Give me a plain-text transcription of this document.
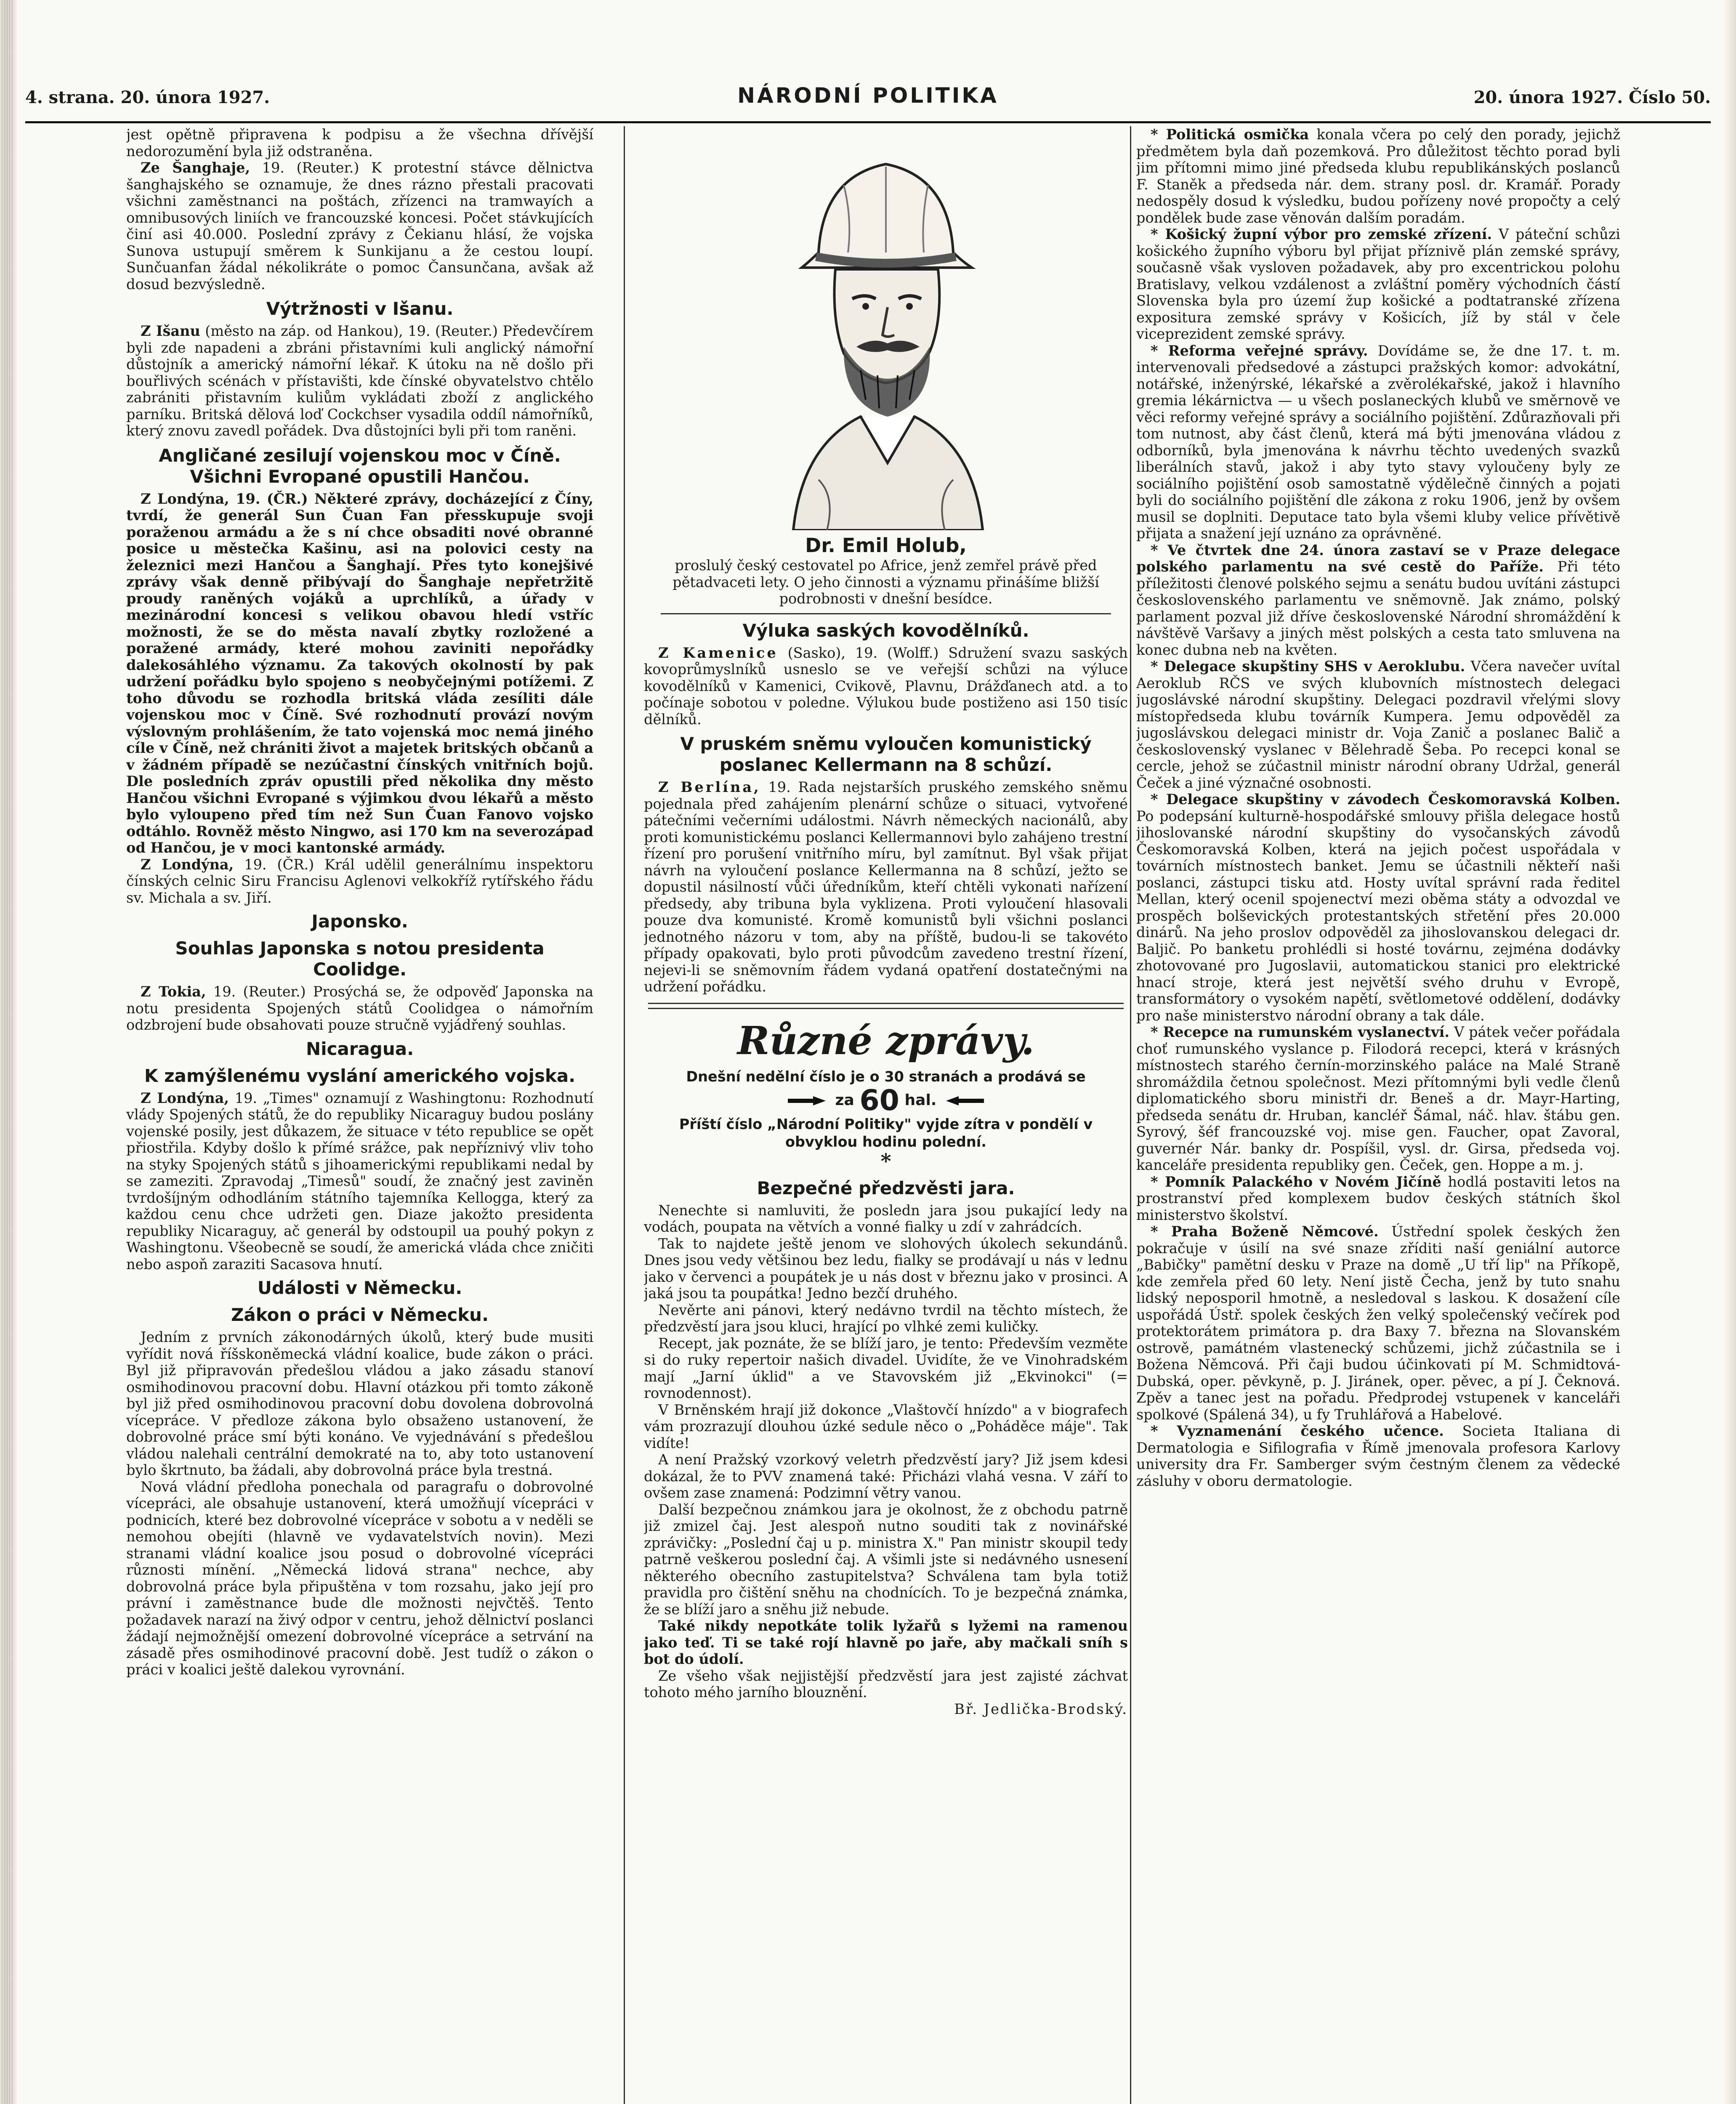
4. strana. 20. února 1927.	NÁRODNÍ POLITIKA	20. února 1927. Číslo 50.

jest opětně připravena k podpisu a že všechna dřívější nedorozumění byla již odstraněna.

Ze Šanghaje, 19. (Reuter.) K protestní stávce dělnictva šanghajského se oznamuje, že dnes rázno přestali pracovati všichni zaměstnanci na poštách, zřízenci na tramwayích a omnibusových liniích ve francouzské koncesi. Počet stávkujících činí asi 40.000. Poslední zprávy z Čekianu hlásí, že vojska Sunova ustupují směrem k Sunkijanu a že cestou loupí. Sunčuanfan žádal nékolikráte o pomoc Čansunčana, avšak až dosud bezvýsledně.

Výtržnosti v Išanu.

Z Išanu (město na záp. od Hankou), 19. (Reuter.) Předevčírem byli zde napadeni a zbráni přistavními kuli anglický námořní důstojník a americký námořní lékař. K útoku na ně došlo při bouřlivých scénách v přístavišti, kde čínské obyvatelstvo chtělo zabrániti přistavním kuliům vykládati zboží z anglického parníku. Britská dělová loď Cockchser vysadila oddíl námořníků, který znovu zavedl pořádek. Dva důstojníci byli při tom raněni.

Angličané zesilují vojenskou moc v Číně. Všichni Evropané opustili Hančou.

Z Londýna, 19. (ČR.) Některé zprávy, docházející z Číny, tvrdí, že generál Sun Čuan Fan přesskupuje svoji poraženou armádu a že s ní chce obsaditi nové obranné posice u městečka Kašinu, asi na polovici cesty na železnici mezi Hančou a Šanghají. Přes tyto konejšivé zprávy však denně přibývají do Šanghaje nepřetržitě proudy raněných vojáků a uprchlíků, a úřady v mezinárodní koncesi s velikou obavou hledí vstříc možnosti, že se do města navalí zbytky rozložené a poražené armády, které mohou zaviniti nepořádky dalekosáhlého významu. Za takových okolností by pak udržení pořádku bylo spojeno s neobyčejnými potížemi. Z toho důvodu se rozhodla britská vláda zesíliti dále vojenskou moc v Číně. Své rozhodnutí provází novým výslovným prohlášením, že tato vojenská moc nemá jiného cíle v Číně, než chrániti život a majetek britských občanů a v žádném případě se nezúčastní čínských vnitřních bojů. Dle posledních zpráv opustili před několika dny město Hančou všichni Evropané s výjimkou dvou lékařů a město bylo vyloupeno před tím než Sun Čuan Fanovo vojsko odtáhlo. Rovněž město Ningwo, asi 170 km na severozápad od Hančou, je v moci kantonské armády.

Z Londýna, 19. (ČR.) Král udělil generálnímu inspektoru čínských celnic Siru Francisu Aglenovi velkokříž rytířského řádu sv. Michala a sv. Jiří.

Japonsko.
Souhlas Japonska s notou presidenta Coolidge.

Z Tokia, 19. (Reuter.) Prosýchá se, že odpověď Japonska na notu presidenta Spojených států Coolidgea o námořním odzbrojení bude obsahovati pouze stručně vyjádřený souhlas.

Nicaragua.
K zamýšlenému vyslání amerického vojska.

Z Londýna, 19. „Times" oznamují z Washingtonu: Rozhodnutí vlády Spojených států, že do republiky Nicaraguy budou poslány vojenské posily, jest důkazem, že situace v této republice se opět přiostřila. Kdyby došlo k přímé srážce, pak nepříznivý vliv toho na styky Spojených států s jihoamerickými republikami nedal by se zameziti. Zpravodaj „Timesů" soudí, že značný jest zaviněn tvrdošíjným odhodláním státního tajemníka Kellogga, který za každou cenu chce udržeti gen. Diaze jakožto presidenta republiky Nicaraguy, ač generál by odstoupil ua pouhý pokyn z Washingtonu. Všeobecně se soudí, že americká vláda chce zničiti nebo aspoň zaraziti Sacasova hnutí.

Události v Německu.
Zákon o práci v Německu.

Jedním z prvních zákonodárných úkolů, který bude musiti vyřídit nová říšskoněmecká vládní koalice, bude zákon o práci. Byl již připravován předešlou vládou a jako zásadu stanoví osmihodinovou pracovní dobu. Hlavní otázkou při tomto zákoně byl již před osmihodinovou pracovní dobu dovolena dobrovolná vícepráce. V předloze zákona bylo obsaženo ustanovení, že dobrovolné práce smí býti konáno. Ve vyjednávání s předešlou vládou nalehali centrální demokraté na to, aby toto ustanovení bylo škrtnuto, ba žádali, aby dobrovolná práce byla trestná.

Nová vládní předloha ponechala od paragrafu o dobrovolné vícepráci, ale obsahuje ustanovení, která umožňují vícepráci v podnicích, které bez dobrovolné vícepráce v sobotu a v neděli se nemohou obejíti (hlavně ve vydavatelstvích novin). Mezi stranami vládní koalice jsou posud o dobrovolné vícepráci různosti mínění. „Německá lidová strana" nechce, aby dobrovolná práce byla připuštěna v tom rozsahu, jako její pro právní i zaměstnance bude dle možnosti nejvčtěš. Tento požadavek narazí na živý odpor v centru, jehož dělnictví poslanci žádají nejmožnější omezení dobrovolné vícepráce a setrvání na zásadě přes osmihodinové pracovní době. Jest tudíž o zákon o práci v koalici ještě dalekou vyrovnání.

Dr. Emil Holub,
proslulý český cestovatel po Africe, jenž zemřel právě před pětadvaceti lety. O jeho činnosti a významu přinášíme bližší podrobnosti v dnešní besídce.
Výluka saských kovodělníků.

Z Kamenice (Sasko), 19. (Wolff.) Sdružení svazu saských kovoprůmyslníků usneslo se ve veřejší schůzi na výluce kovodělníků v Kamenici, Cvikově, Plavnu, Drážďanech atd. a to počínaje sobotou v poledne. Výlukou bude postiženo asi 150 tisíc dělníků.

V pruském sněmu vyloučen komunistický poslanec Kellermann na 8 schůzí.

Z Berlína, 19. Rada nejstarších pruského zemského sněmu pojednala před zahájením plenární schůze o situaci, vytvořené pátečními večerními událostmi. Návrh německých nacionálů, aby proti komunistickému poslanci Kellermannovi bylo zahájeno trestní řízení pro porušení vnitřního míru, byl zamítnut. Byl však přijat návrh na vyloučení poslance Kellermanna na 8 schůzí, ježto se dopustil násilností vůči úředníkům, kteří chtěli vykonati nařízení předsedy, aby tribuna byla vyklizena. Proti vyloučení hlasovali pouze dva komunisté. Kromě komunistů byli všichni poslanci jednotného názoru v tom, aby na příště, budou-li se takovéto případy opakovati, bylo proti původcům zavedeno trestní řízení, nejevi-li se sněmovním řádem vydaná opatření dostatečnými na udržení pořádku.

Různé zprávy.
Dnešní nedělní číslo je o 30 stranách a prodává se
za 60 hal.
Příští číslo „Národní Politiky" vyjde zítra v pondělí v obvyklou hodinu polední.
*
Bezpečné předzvěsti jara.

Nenechte si namluviti, že posledn jara jsou pukající ledy na vodách, poupata na větvích a vonné fialky u zdí v zahrádcích.

Tak to najdete ještě jenom ve slohových úkolech sekundánů. Dnes jsou vedy většinou bez ledu, fialky se prodávají u nás v lednu jako v červenci a poupátek je u nás dost v březnu jako v prosinci. A jaká jsou ta poupátka! Jedno bezčí druhého.

Nevěrte ani pánovi, který nedávno tvrdil na těchto místech, že předzvěstí jara jsou kluci, hrající po vlhké zemi kuličky.

Recept, jak poznáte, že se blíží jaro, je tento: Především vezměte si do ruky repertoir našich divadel. Uvidíte, že ve Vinohradském mají „Jarní úklid" a ve Stavovském již „Ekvinokci" (= rovnodennost).

V Brněnském hrají již dokonce „Vlaštovčí hnízdo" a v biografech vám prozrazují dlouhou úzké sedule něco o „Poháděce máje". Tak vidíte!

A není Pražský vzorkový veletrh předzvěstí jary? Již jsem kdesi dokázal, že to PVV znamená také: Přicházi vlahá vesna. V září to ovšem zase znamená: Podzimní větry vanou.

Další bezpečnou známkou jara je okolnost, že z obchodu patrně již zmizel čaj. Jest alespoň nutno souditi tak z novinářské zprávičky: „Poslední čaj u p. ministra X." Pan ministr skoupil tedy patrně veškerou poslední čaj. A všimli jste si nedávného usnesení některého obecního zastupitelstva? Schválena tam byla totiž pravidla pro čištění sněhu na chodnících. To je bezpečná známka, že se blíží jaro a sněhu již nebude.

Také nikdy nepotkáte tolik lyžařů s lyžemi na ramenou jako teď. Ti se také rojí hlavně po jaře, aby mačkali sníh s bot do údolí.

Ze všeho však nejjistější předzvěstí jara jest zajisté záchvat tohoto mého jarního blouznění.

Bř. Jedlička-Brodský.

* Politická osmička konala včera po celý den porady, jejichž předmětem byla daň pozemková. Pro důležitost těchto porad byli jim přítomni mimo jiné předseda klubu republikánských poslanců F. Staněk a předseda nár. dem. strany posl. dr. Kramář. Porady nedospěly dosud k výsledku, budou pořízeny nové propočty a celý pondělek bude zase věnován dalším poradám.

* Košický župní výbor pro zemské zřízení. V páteční schůzi košického župního výboru byl přijat příznivě plán zemské správy, současně však vysloven požadavek, aby pro excentrickou polohu Bratislavy, velkou vzdálenost a zvláštní poměry východních částí Slovenska byla pro území žup košické a podtatranské zřízena expositura zemské správy v Košicích, jíž by stál v čele viceprezident zemské správy.

* Reforma veřejné správy. Dovídáme se, že dne 17. t. m. intervenovali předsedové a zástupci pražských komor: advokátní, notářské, inženýrské, lékařské a zvěrolékařské, jakož i hlavního gremia lékárnictva — u všech poslaneckých klubů ve směrnově ve věci reformy veřejné správy a sociálního pojištění. Zdůrazňovali při tom nutnost, aby část členů, která má býti jmenována vládou z odborníků, byla jmenována k návrhu těchto uvedených svazků liberálních stavů, jakož i aby tyto stavy vyloučeny byly ze sociálního pojištění osob samostatně výdělečně činných a pojati byli do sociálního pojištění dle zákona z roku 1906, jenž by ovšem musil se doplniti. Deputace tato byla všemi kluby velice přívětivě přijata a snažení její uznáno za oprávněné.

* Ve čtvrtek dne 24. února zastaví se v Praze delegace polského parlamentu na své cestě do Paříže. Při této příležitosti členové polského sejmu a senátu budou uvítáni zástupci československého parlamentu ve sněmovně. Jak známo, polský parlament pozval již dříve československé Národní shromáždění k návštěvě Varšavy a jiných měst polských a cesta tato smluvena na konec dubna neb na květen.

* Delegace skupštiny SHS v Aeroklubu. Včera navečer uvítal Aeroklub RČS ve svých klubovních místnostech delegaci jugoslávské národní skupštiny. Delegaci pozdravil vřelými slovy místopředseda klubu továrník Kumpera. Jemu odpověděl za jugoslávskou delegaci ministr dr. Voja Zanič a poslanec Balič a československý vyslanec v Bělehradě Šeba. Po recepci konal se cercle, jehož se zúčastnil ministr národní obrany Udržal, generál Čeček a jiné význačné osobnosti.

* Delegace skupštiny v závodech Českomoravská Kolben. Po podepsání kulturně-hospodářské smlouvy přišla delegace hostů jihoslovanské národní skupštiny do vysočanských závodů Českomoravská Kolben, která na jejich počest uspořádala v továrních místnostech banket. Jemu se účastnili někteří naši poslanci, zástupci tisku atd. Hosty uvítal správní rada ředitel Mellan, který ocenil spojenectví mezi oběma státy a odvozdal ve prospěch bolševických protestantských střetění přes 20.000 dinárů. Na jeho proslov odpověděl za jihoslovanskou delegaci dr. Baljič. Po banketu prohlédli si hosté továrnu, zejména dodávky zhotovované pro Jugoslavii, automatickou stanici pro elektrické hnací stroje, která jest největší svého druhu v Evropě, transformátory o vysokém napětí, světlometové oddělení, dodávky pro naše ministerstvo národní obrany a tak dále.

* Recepce na rumunském vyslanectví. V pátek večer pořádala choť rumunského vyslance p. Filodorá recepci, která v krásných místnostech starého černín-morzinského paláce na Malé Straně shromáždila četnou společnost. Mezi přítomnými byli vedle členů diplomatického sboru ministři dr. Beneš a dr. Mayr-Harting, předseda senátu dr. Hruban, kancléř Šámal, náč. hlav. štábu gen. Syrový, šéf francouzské voj. mise gen. Faucher, opat Zavoral, guvernér Nár. banky dr. Pospíšil, vysl. dr. Girsa, předseda voj. kanceláře presidenta republiky gen. Čeček, gen. Hoppe a m. j.

* Pomník Palackého v Novém Jičíně hodlá postaviti letos na prostranství před komplexem budov českých státních škol ministerstvo školství.

* Praha Boženě Němcové. Ústřední spolek českých žen pokračuje v úsilí na své snaze zříditi naší geniální autorce „Babičky" pamětní desku v Praze na domě „U tří lip" na Příkopě, kde zemřela před 60 lety. Není jistě Čecha, jenž by tuto snahu lidský neposporil hmotně, a nesledoval s laskou. K dosažení cíle uspořádá Ústř. spolek českých žen velký společenský večírek pod protektorátem primátora p. dra Baxy 7. března na Slovanském ostrově, památném vlastenecký schůzemi, jichž zúčastnila se i Božena Němcová. Při čaji budou účinkovati pí M. Schmidtová-Dubská, oper. pěvkyně, p. J. Jiránek, oper. pěvec, a pí J. Čeknová. Zpěv a tanec jest na pořadu. Předprodej vstupenek v kanceláři spolkové (Spálená 34), u fy Truhlářová a Habelové.

* Vyznamenání českého učence. Societa Italiana di Dermatologia e Sifilografia v Římě jmenovala profesora Karlovy university dra Fr. Samberger svým čestným členem za vědecké zásluhy v oboru dermatologie.
